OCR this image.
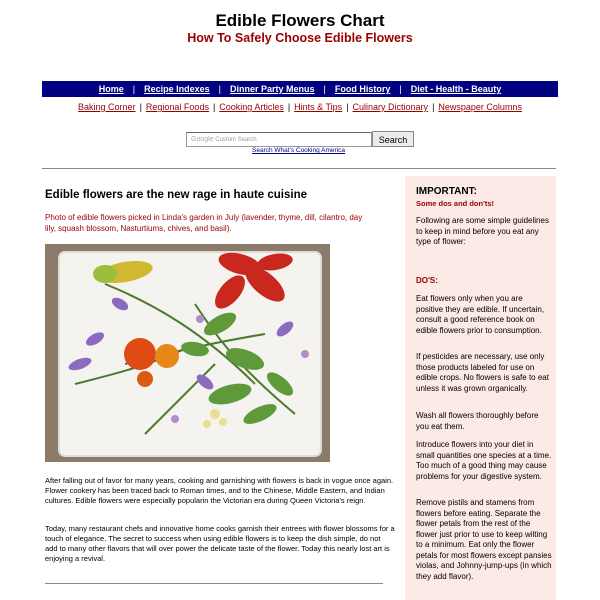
Edible Flowers Chart
How To Safely Choose Edible Flowers
Home | Recipe Indexes | Dinner Party Menus | Food History | Diet - Health - Beauty
Baking Corner | Regional Foods | Cooking Articles | Hints & Tips | Culinary Dictionary | Newspaper Columns
Google Custom Search	Search
Search What's Cooking America
Edible flowers are the new rage in haute cuisine
Photo of edible flowers picked in Linda's garden in July (lavender, thyme, dill, cilantro, day lily, squash blossom, Nasturtiums, chives, and basil).
After falling out of favor for many years, cooking and garnishing with flowers is back in vogue once again. Flower cookery has been traced back to Roman times, and to the Chinese, Middle Eastern, and Indian cultures. Edible flowers were especially popularin the Victorian era during Queen Victoria's reign.
Today, many restaurant chefs and innovative home cooks garnish their entrees with flower blossoms for a touch of elegance. The secret to success when using edible flowers is to keep the dish simple, do not add to many other flavors that will over power the delicate taste of the flower. Today this nearly lost art is enjoying a revival.
IMPORTANT:
Some dos and don'ts!
Following are some simple guidelines to keep in mind before you eat any type of flower:
DO'S:
Eat flowers only when you are positive they are edible. If uncertain, consult a good reference book on edible flowers prior to consumption.
If pesticides are necessary, use only those products labeled for use on edible crops. No flowers is safe to eat unless it was grown organically.
Wash all flowers thoroughly before you eat them.
Introduce flowers into your diet in small quantities one species at a time. Too much of a good thing may cause problems for your digestive system.
Remove pistils and stamens from flowers before eating. Separate the flower petals from the rest of the flower just prior to use to keep wilting to a minimum. Eat only the flower petals for most flowers except pansies violas, and Johnny-jump-ups (in which they add flavor).
